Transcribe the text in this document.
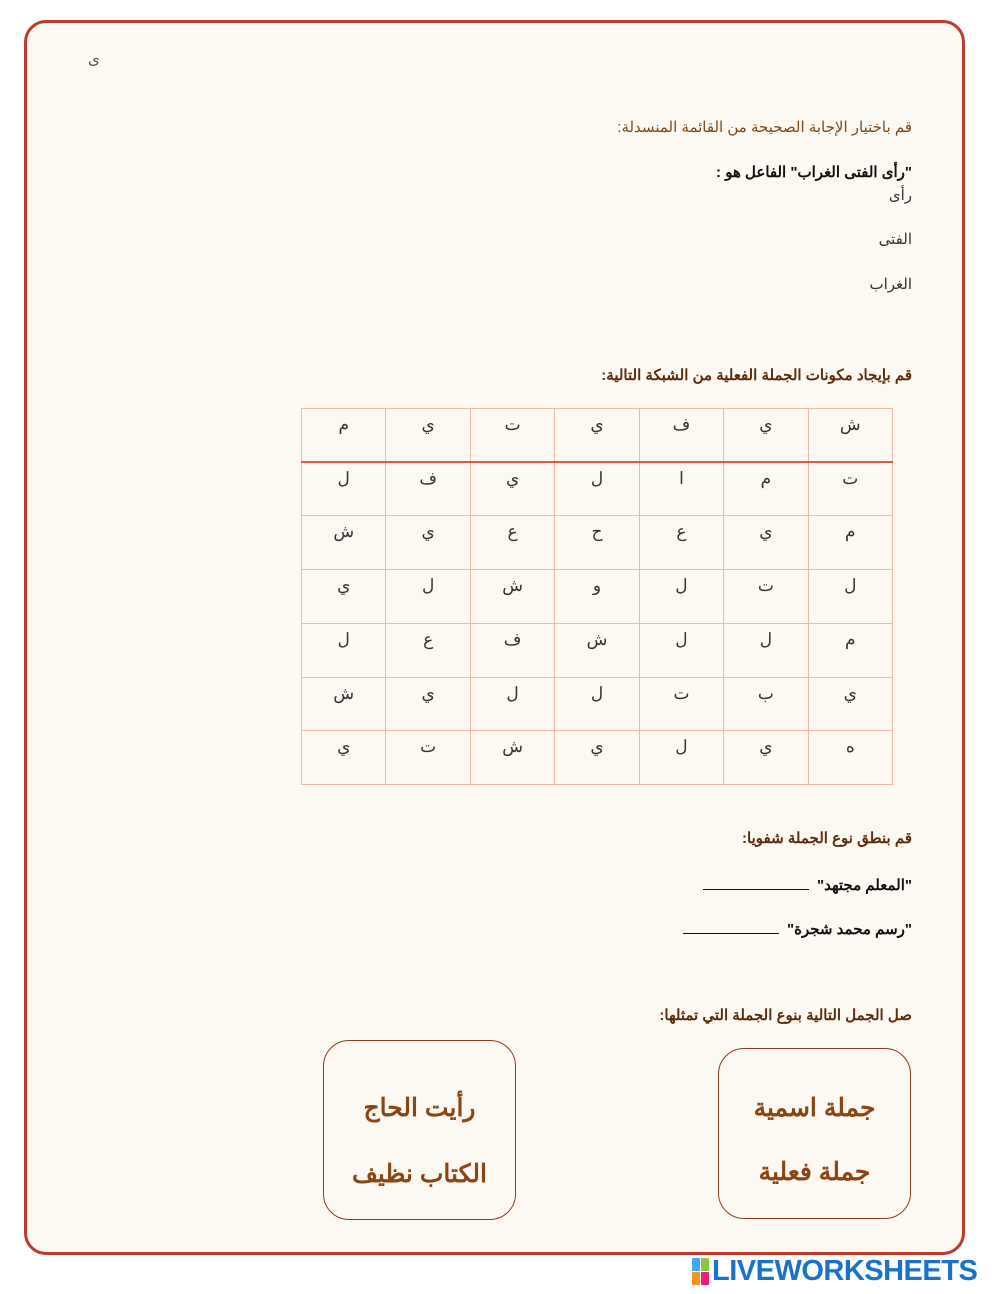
ى
قم باختيار الإجابة الصحيحة من القائمة المنسدلة:
"رأى الفتى الغراب" الفاعل هو :
رأى
الفتى
الغراب
قم بإيجاد مكونات الجملة الفعلية من الشبكة التالية:
ش	ي	ف	ي	ت	ي	م
ت	م	ا	ل	ي	ف	ل
م	ي	ع	ح	ع	ي	ش
ل	ت	ل	و	ش	ل	ي
م	ل	ل	ش	ف	ع	ل
ي	ب	ت	ل	ل	ي	ش
ه	ي	ل	ي	ش	ت	ي
قم بنطق نوع الجملة شفويا:
"المعلم مجتهد"
"رسم محمد شجرة"
صل الجمل التالية بنوع الجملة التي تمثلها:
جملة اسمية
جملة فعلية
رأيت الحاج
الكتاب نظيف
LIVEWORKSHEETS
